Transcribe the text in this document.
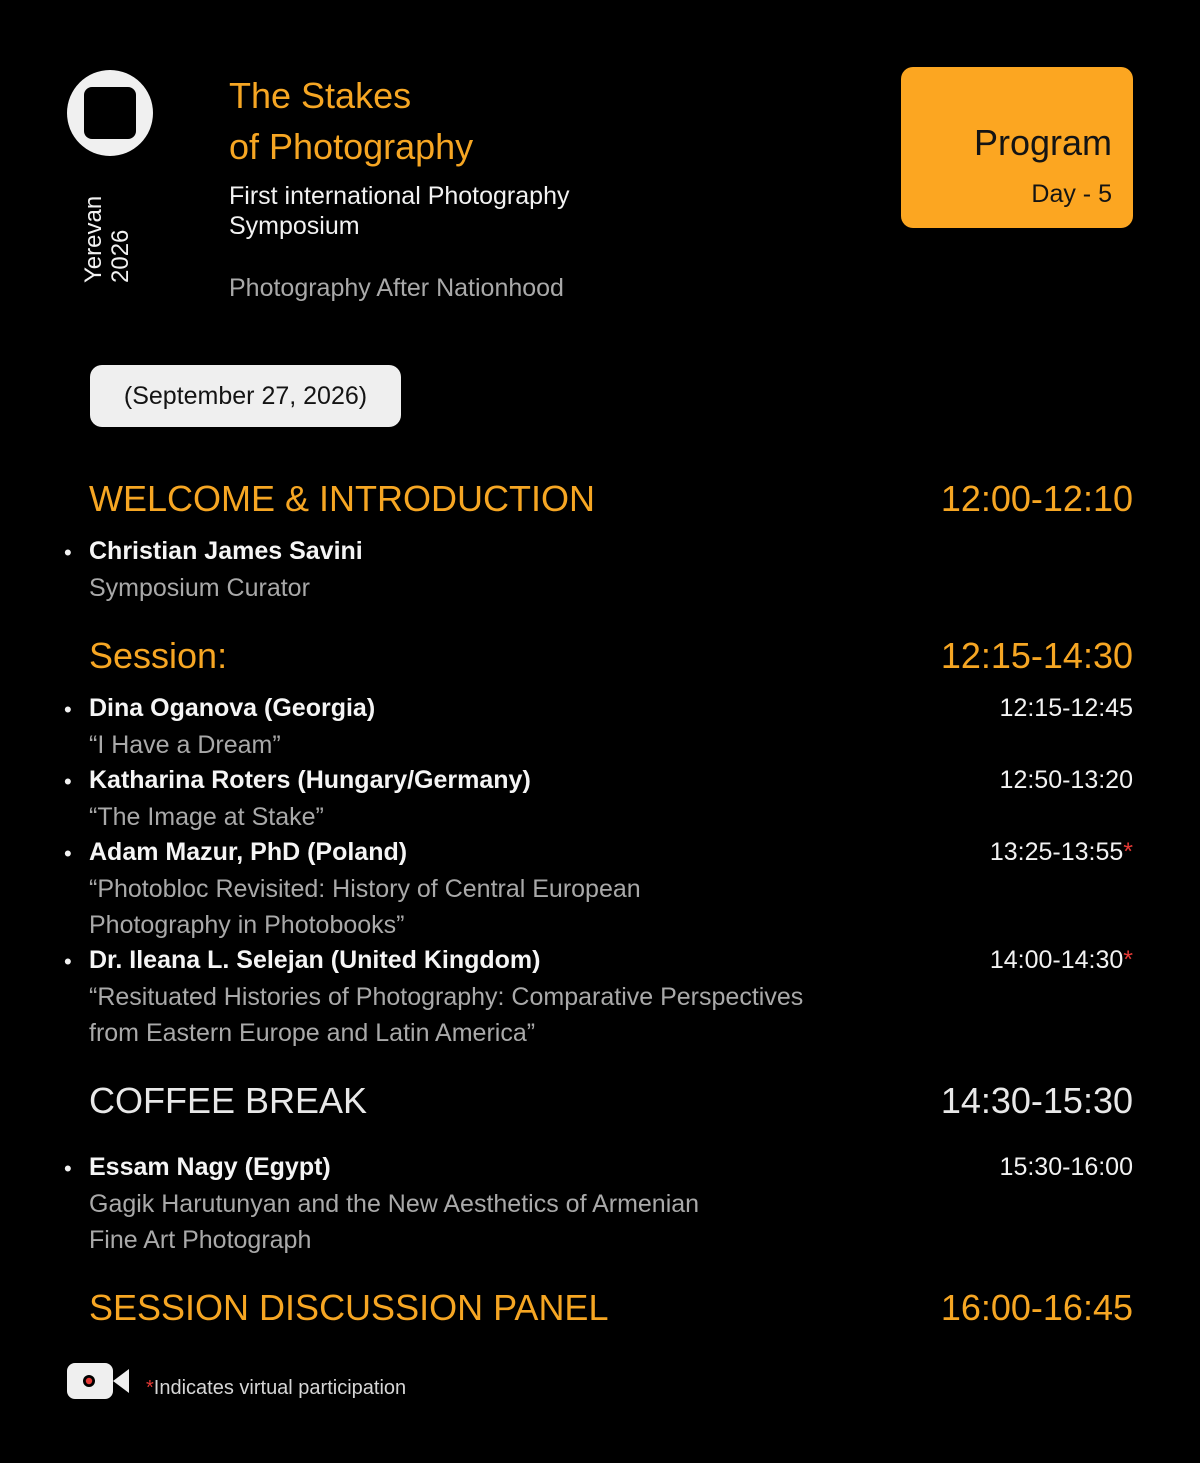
Yerevan 2026
The Stakes
of Photography
First international Photography
Symposium
Photography After Nationhood
Program
Day - 5
(September 27, 2026)
WELCOME & INTRODUCTION	12:00-12:10
• Christian James Savini
Symposium Curator
Session:	12:15-14:30
• Dina Oganova (Georgia)	12:15-12:45
“I Have a Dream”
• Katharina Roters (Hungary/Germany)	12:50-13:20
“The Image at Stake”
• Adam Mazur, PhD (Poland)	13:25-13:55*
“Photobloc Revisited: History of Central European
Photography in Photobooks”
• Dr. Ileana L. Selejan (United Kingdom)	14:00-14:30*
“Resituated Histories of Photography: Comparative Perspectives
from Eastern Europe and Latin America”
COFFEE BREAK	14:30-15:30
• Essam Nagy (Egypt)	15:30-16:00
Gagik Harutunyan and the New Aesthetics of Armenian
Fine Art Photograph
SESSION DISCUSSION PANEL	16:00-16:45
*Indicates virtual participation
